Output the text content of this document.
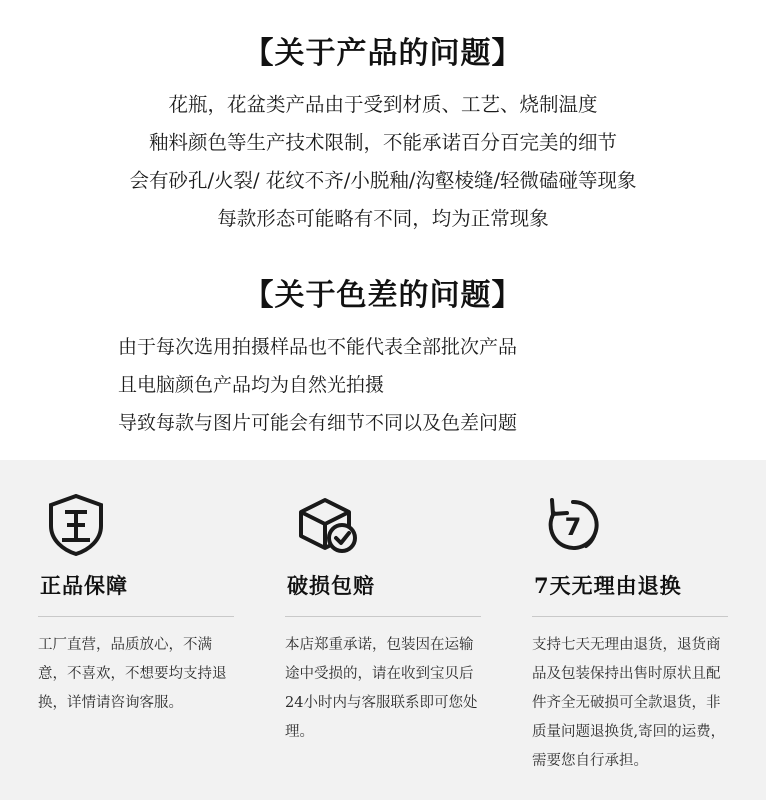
【关于产品的问题】
花瓶，花盆类产品由于受到材质、工艺、烧制温度
釉料颜色等生产技术限制，不能承诺百分百完美的细节
会有砂孔/火裂/ 花纹不齐/小脱釉/沟壑棱缝/轻微磕碰等现象
每款形态可能略有不同，均为正常现象
【关于色差的问题】
由于每次选用拍摄样品也不能代表全部批次产品
且电脑颜色产品均为自然光拍摄
导致每款与图片可能会有细节不同以及色差问题
正品保障
工厂直营，品质放心，不满意，不喜欢，不想要均支持退换，详情请咨询客服。
破损包赔
本店郑重承诺，包装因在运输途中受损的，请在收到宝贝后24小时内与客服联系即可您处理。
7
7天无理由退换
支持七天无理由退货，退货商品及包装保持出售时原状且配件齐全无破损可全款退货，非质量问题退换货,寄回的运费，需要您自行承担。
